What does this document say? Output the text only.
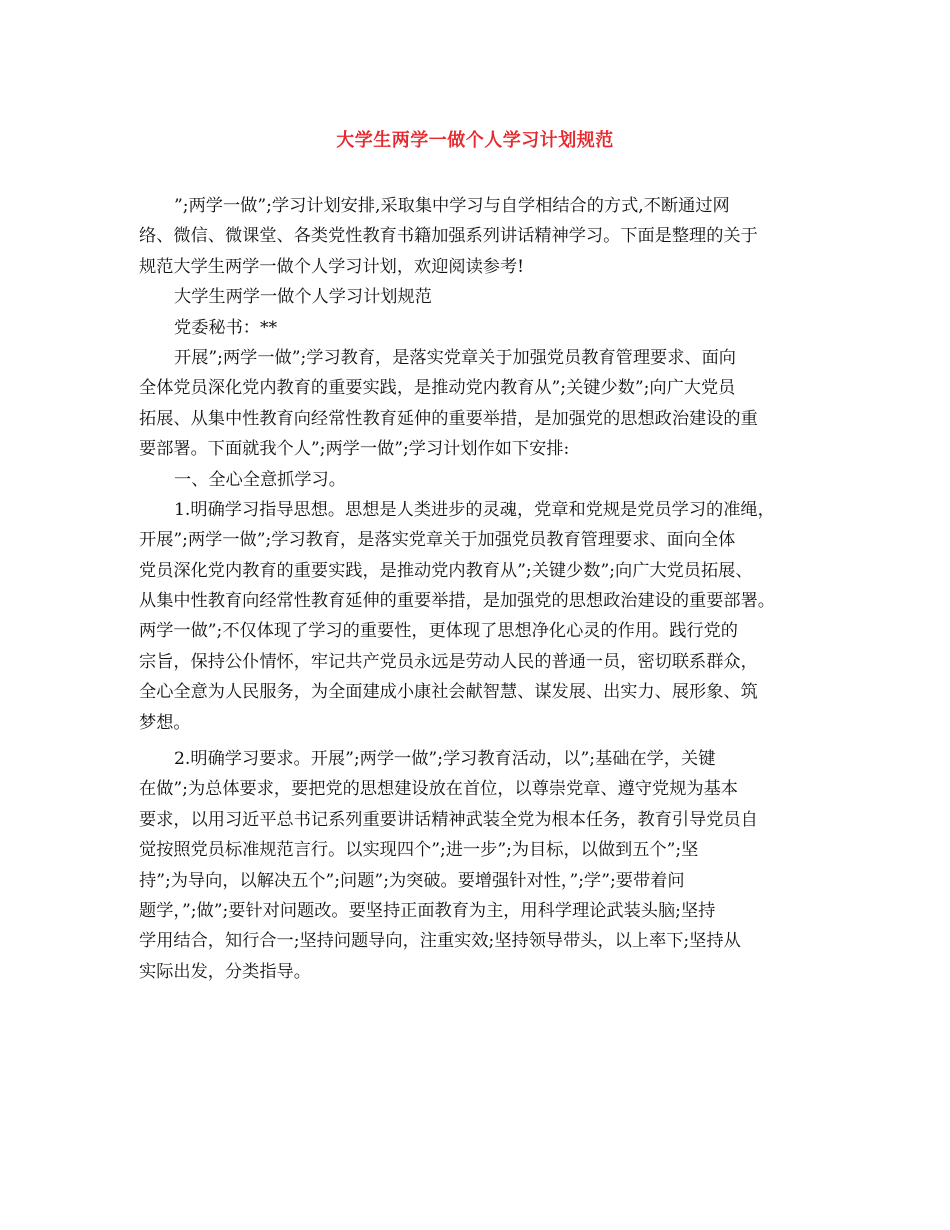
大学生两学一做个人学习计划规范
”;两学一做”;学习计划安排,采取集中学习与自学相结合的方式,不断通过网
络、微信、微课堂、各类党性教育书籍加强系列讲话精神学习。下面是整理的关于
规范大学生两学一做个人学习计划，欢迎阅读参考!
大学生两学一做个人学习计划规范
党委秘书：**
开展”;两学一做”;学习教育，是落实党章关于加强党员教育管理要求、面向
全体党员深化党内教育的重要实践，是推动党内教育从”;关键少数”;向广大党员
拓展、从集中性教育向经常性教育延伸的重要举措，是加强党的思想政治建设的重
要部署。下面就我个人”;两学一做”;学习计划作如下安排:
一、全心全意抓学习。
1.明确学习指导思想。思想是人类进步的灵魂，党章和党规是党员学习的准绳，
开展”;两学一做”;学习教育，是落实党章关于加强党员教育管理要求、面向全体
党员深化党内教育的重要实践，是推动党内教育从”;关键少数”;向广大党员拓展、
从集中性教育向经常性教育延伸的重要举措，是加强党的思想政治建设的重要部署。
两学一做”;不仅体现了学习的重要性，更体现了思想净化心灵的作用。践行党的
宗旨，保持公仆情怀，牢记共产党员永远是劳动人民的普通一员，密切联系群众，
全心全意为人民服务，为全面建成小康社会献智慧、谋发展、出实力、展形象、筑
梦想。
2.明确学习要求。开展”;两学一做”;学习教育活动，以”;基础在学，关键
在做”;为总体要求，要把党的思想建设放在首位，以尊崇党章、遵守党规为基本
要求，以用习近平总书记系列重要讲话精神武装全党为根本任务，教育引导党员自
觉按照党员标准规范言行。以实现四个”;进一步”;为目标，以做到五个”;坚
持”;为导向，以解决五个”;问题”;为突破。要增强针对性，”;学”;要带着问
题学，”;做”;要针对问题改。要坚持正面教育为主，用科学理论武装头脑;坚持
学用结合，知行合一;坚持问题导向，注重实效;坚持领导带头，以上率下;坚持从
实际出发，分类指导。
